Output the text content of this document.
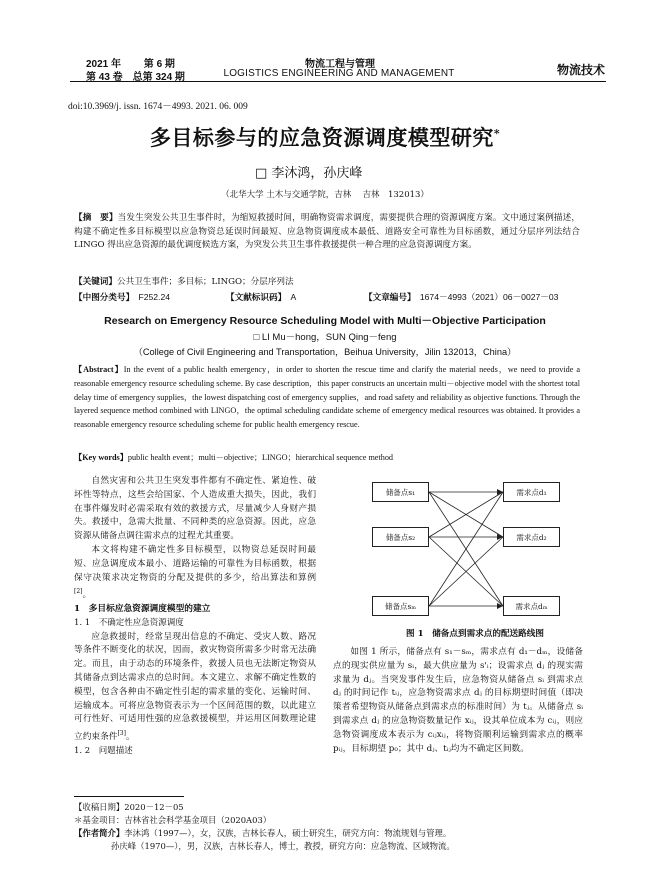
2021 年　　 第 6 期
第 43 卷　总第 324 期
物流工程与管理
LOGISTICS ENGINEERING AND MANAGEMENT	物流技术
doi:10.3969/j. issn. 1674－4993. 2021. 06. 009
多目标参与的应急资源调度模型研究*
□ 李沐鸿，孙庆峰
（北华大学 土木与交通学院，吉林　 吉林　132013）
【摘　要】当发生突发公共卫生事件时，为缩短救援时间，明确物资需求调度，需要提供合理的资源调度方案。文中通过案例描述，构建不确定性多目标模型以应急物资总延误时间最短、应急物资调度成本最低、道路安全可靠性为目标函数，通过分层序列法结合 LINGO 得出应急资源的最优调度候选方案，为突发公共卫生事件救援提供一种合理的应急资源调度方案。
【关键词】公共卫生事件；多目标；LINGO；分层序列法
【中图分类号】　 F252.24	【文献标识码】　 A	【文章编号】　 1674－4993（2021）06－0027－03
Research on Emergency Resource Scheduling Model with Multi－Objective Participation
□ LI Mu－hong，SUN Qing－feng
（College of Civil Engineering and Transportation，Beihua University，Jilin 132013，China）
【Abstract】In the event of a public health emergency，in order to shorten the rescue time and clarify the material needs，we need to provide a reasonable emergency resource scheduling scheme. By case description，this paper constructs an uncertain multi－objective model with the shortest total delay time of emergency supplies，the lowest dispatching cost of emergency supplies，and road safety and reliability as objective functions. Through the layered sequence method combined with LINGO，the optimal scheduling candidate scheme of emergency medical resources was obtained. It provides a reasonable emergency resource scheduling scheme for public health emergency rescue.
【Key words】public health event；multi－objective；LINGO；hierarchical sequence method

自然灾害和公共卫生突发事件都有不确定性、紧迫性、破坏性等特点，这些会给国家、个人造成重大损失，因此，我们在事件爆发时必需采取有效的救援方式，尽量减少人身财产损失。救援中，急需大批量、不同种类的应急资源。因此，应急资源从储备点调往需求点的过程尤其重要。

本文将构建不确定性多目标模型，以物资总延误时间最短、应急调度成本最小、道路运输的可靠性为目标函数，根据保守决策求决定物资的分配及提供的多少，给出算法和算例[2]。

1　多目标应急资源调度模型的建立

1. 1　不确定性应急资源调度

应急救援时，经常呈现出信息的不确定、受灾人数、路况等条件不断变化的状况，因而，救灾物资所需多少时常无法确定。而且，由于动态的环境条件，救援人员也无法断定物资从其储备点到达需求点的总时间。本文建立、求解不确定性数的模型，包含各种由不确定性引起的需求量的变化、运输时间、运输成本。可将应急物资表示为一个区间范围的数，以此建立可行性好、可适用性强的应急救援模型，并运用区间数理论建立约束条件[3]。

1. 2　问题描述

储备点s₁
储备点s₂
储备点sₘ
需求点d₁
需求点d₂
需求点dₘ
图 1　储备点到需求点的配送路线图

如图 1 所示，储备点有 s₁－sₘ，需求点有 d₁－dₘ，设储备点的现实供应量为 sᵢ，最大供应量为 s'ᵢ；设需求点 dⱼ 的现实需求量为 dⱼ。当突发事件发生后，应急物资从储备点 sᵢ 到需求点 dⱼ 的时间记作 tᵢⱼ，应急物资需求点 dⱼ 的目标期望时间值（即决策者希望物资从储备点到需求点的标准时间）为 tⱼ。从储备点 sᵢ 到需求点 dⱼ 的应急物资数量记作 xᵢⱼ，设其单位成本为 cᵢⱼ，则应急物资调度成本表示为 cᵢⱼxᵢⱼ，将物资顺利运输到需求点的概率 pᵢⱼ，目标期望 p₀；其中 dⱼ、tᵢⱼ均为不确定区间数。

【收稿日期】2020－12－05

＊基金项目：吉林省社会科学基金项目（2020A03）

【作者简介】李沐鸿（1997—），女，汉族，吉林长春人，硕士研究生，研究方向：物流规划与管理。

孙庆峰（1970—），男，汉族，吉林长春人，博士，教授，研究方向：应急物流、区域物流。
